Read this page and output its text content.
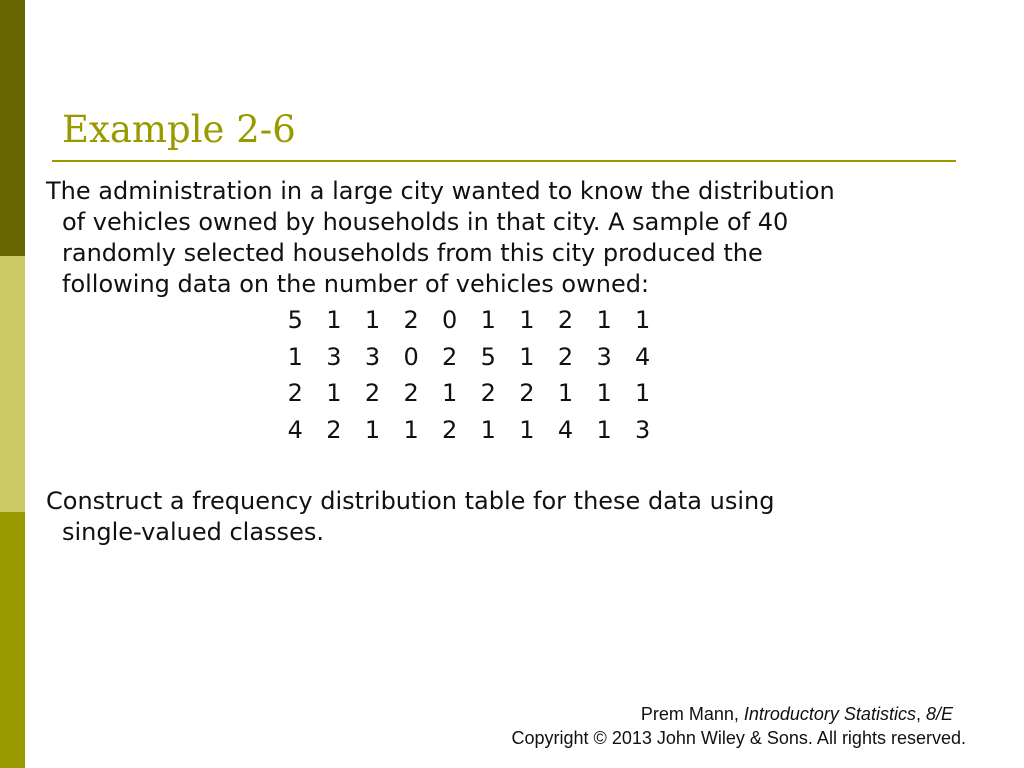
Example 2-6
The administration in a large city wanted to know the distribution
of vehicles owned by households in that city. A sample of 40
randomly selected households from this city produced the
following data on the number of vehicles owned:
5 1 1 2 0 1 1 2 1 1
1 3 3 0 2 5 1 2 3 4
2 1 2 2 1 2 2 1 1 1
4 2 1 1 2 1 1 4 1 3
Construct a frequency distribution table for these data using
single-valued classes.
Prem Mann, Introductory Statistics, 8/E
Copyright © 2013 John Wiley & Sons. All rights reserved.
